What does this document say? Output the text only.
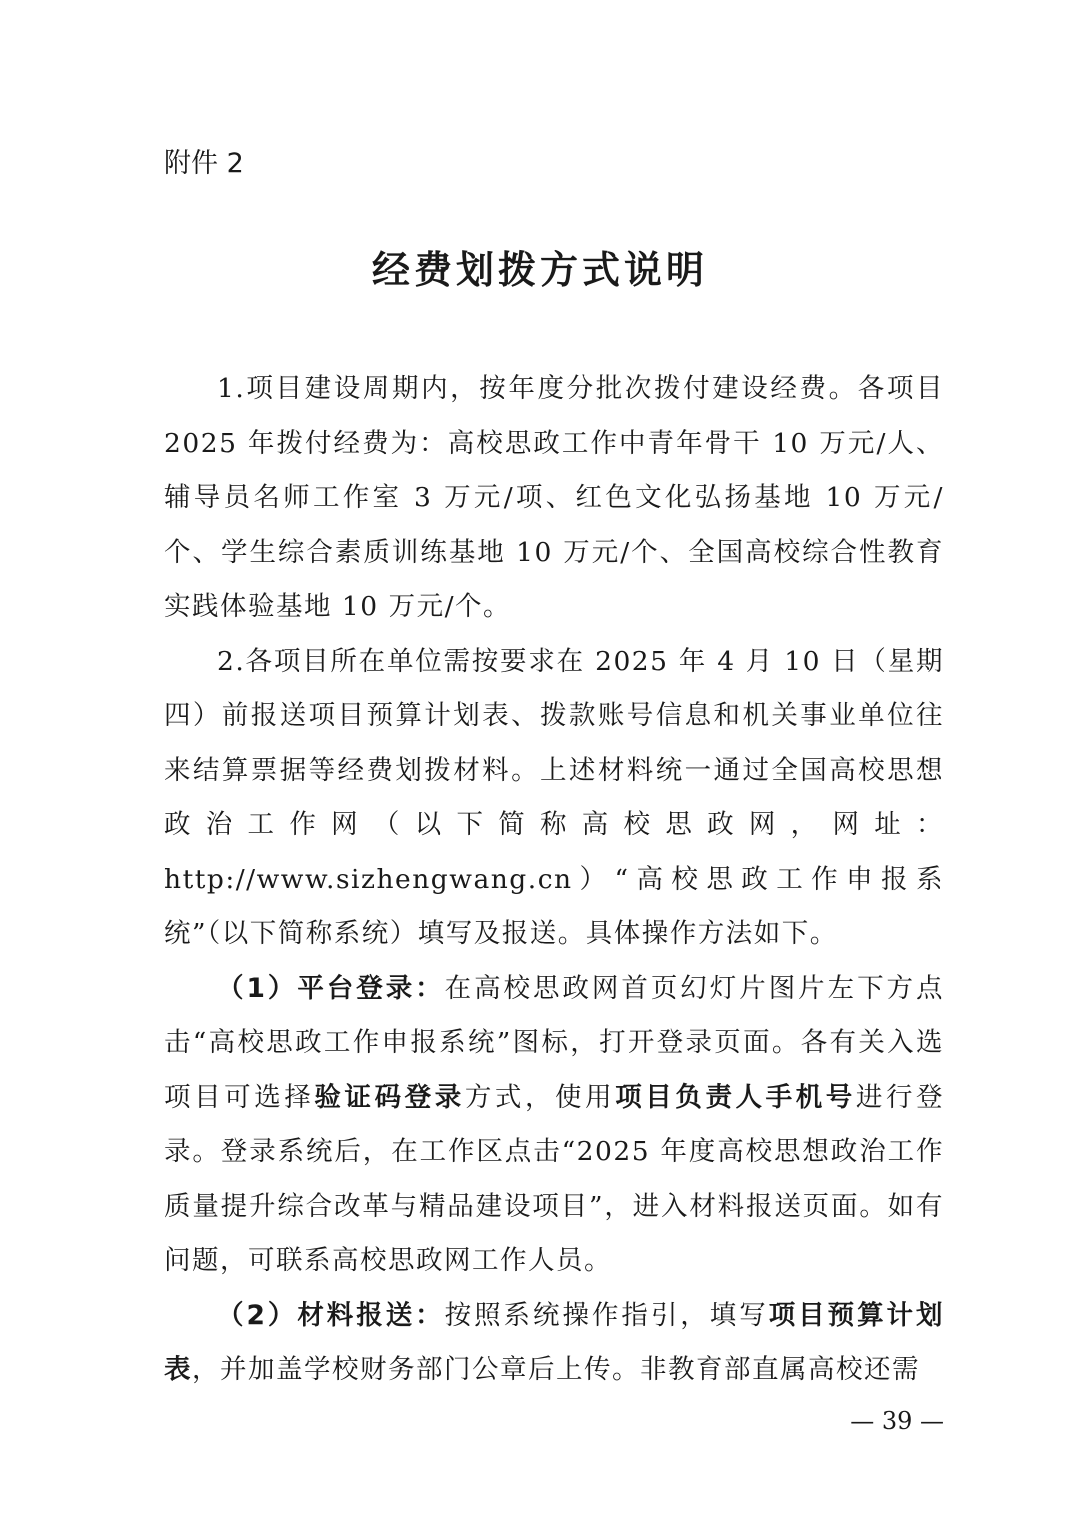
附件 2
经费划拨方式说明

1.项目建设周期内，按年度分批次拨付建设经费。各项目2025 年拨付经费为：高校思政工作中青年骨干 10 万元/人、辅导员名师工作室 3 万元/项、红色文化弘扬基地 10 万元/个、学生综合素质训练基地 10 万元/个、全国高校综合性教育实践体验基地 10 万元/个。

2.各项目所在单位需按要求在 2025 年 4 月 10 日（星期四）前报送项目预算计划表、拨款账号信息和机关事业单位往来结算票据等经费划拨材料。上述材料统一通过全国高校思想政治工作网（以下简称高校思政网，网址：http://www.sizhengwang.cn）“高校思政工作申报系统”（以下简称系统）填写及报送。具体操作方法如下。

（1）平台登录：在高校思政网首页幻灯片图片左下方点击“高校思政工作申报系统”图标，打开登录页面。各有关入选项目可选择验证码登录方式，使用项目负责人手机号进行登录。登录系统后，在工作区点击“2025 年度高校思想政治工作质量提升综合改革与精品建设项目”，进入材料报送页面。如有问题，可联系高校思政网工作人员。

（2）材料报送：按照系统操作指引，填写项目预算计划表，并加盖学校财务部门公章后上传。非教育部直属高校还需

— 39 —
